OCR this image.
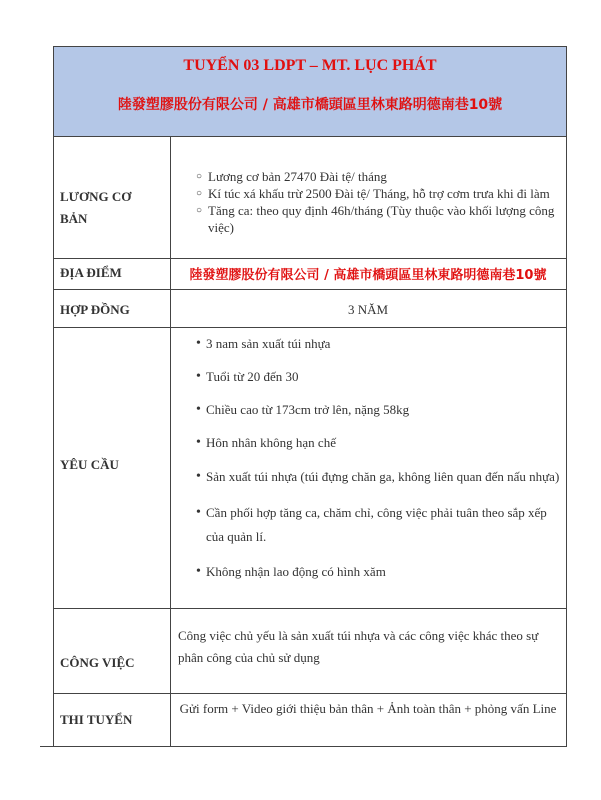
TUYỂN 03 LDPT – MT. LỤC PHÁT
陸發塑膠股份有限公司 / 高雄市橋頭區里林東路明德南巷10號
LƯƠNG CƠ BẢN
○ Lương cơ bản 27470 Đài tệ/ tháng
○ Kí túc xá khấu trừ 2500 Đài tệ/ Tháng, hỗ trợ cơm trưa khi đi làm
○ Tăng ca: theo quy định 46h/tháng (Tùy thuộc vào khối lượng công việc)
ĐỊA ĐIỂM	陸發塑膠股份有限公司 / 高雄市橋頭區里林東路明德南巷10號
HỢP ĐỒNG	3 NĂM
YÊU CẦU
• 3 nam sản xuất túi nhựa
• Tuổi từ 20 đến 30
• Chiều cao từ 173cm trở lên, nặng 58kg
• Hôn nhân không hạn chế
• Sản xuất túi nhựa (túi đựng chăn ga, không liên quan đến nấu nhựa)
• Cần phối hợp tăng ca, chăm chỉ, công việc phải tuân theo sắp xếp của quản lí.
• Không nhận lao động có hình xăm
CÔNG VIỆC
Công việc chủ yếu là sản xuất túi nhựa và các công việc khác theo sự phân công của chủ sử dụng
THI TUYỂN
Gửi form + Video giới thiệu bản thân + Ảnh toàn thân + phỏng vấn Line
